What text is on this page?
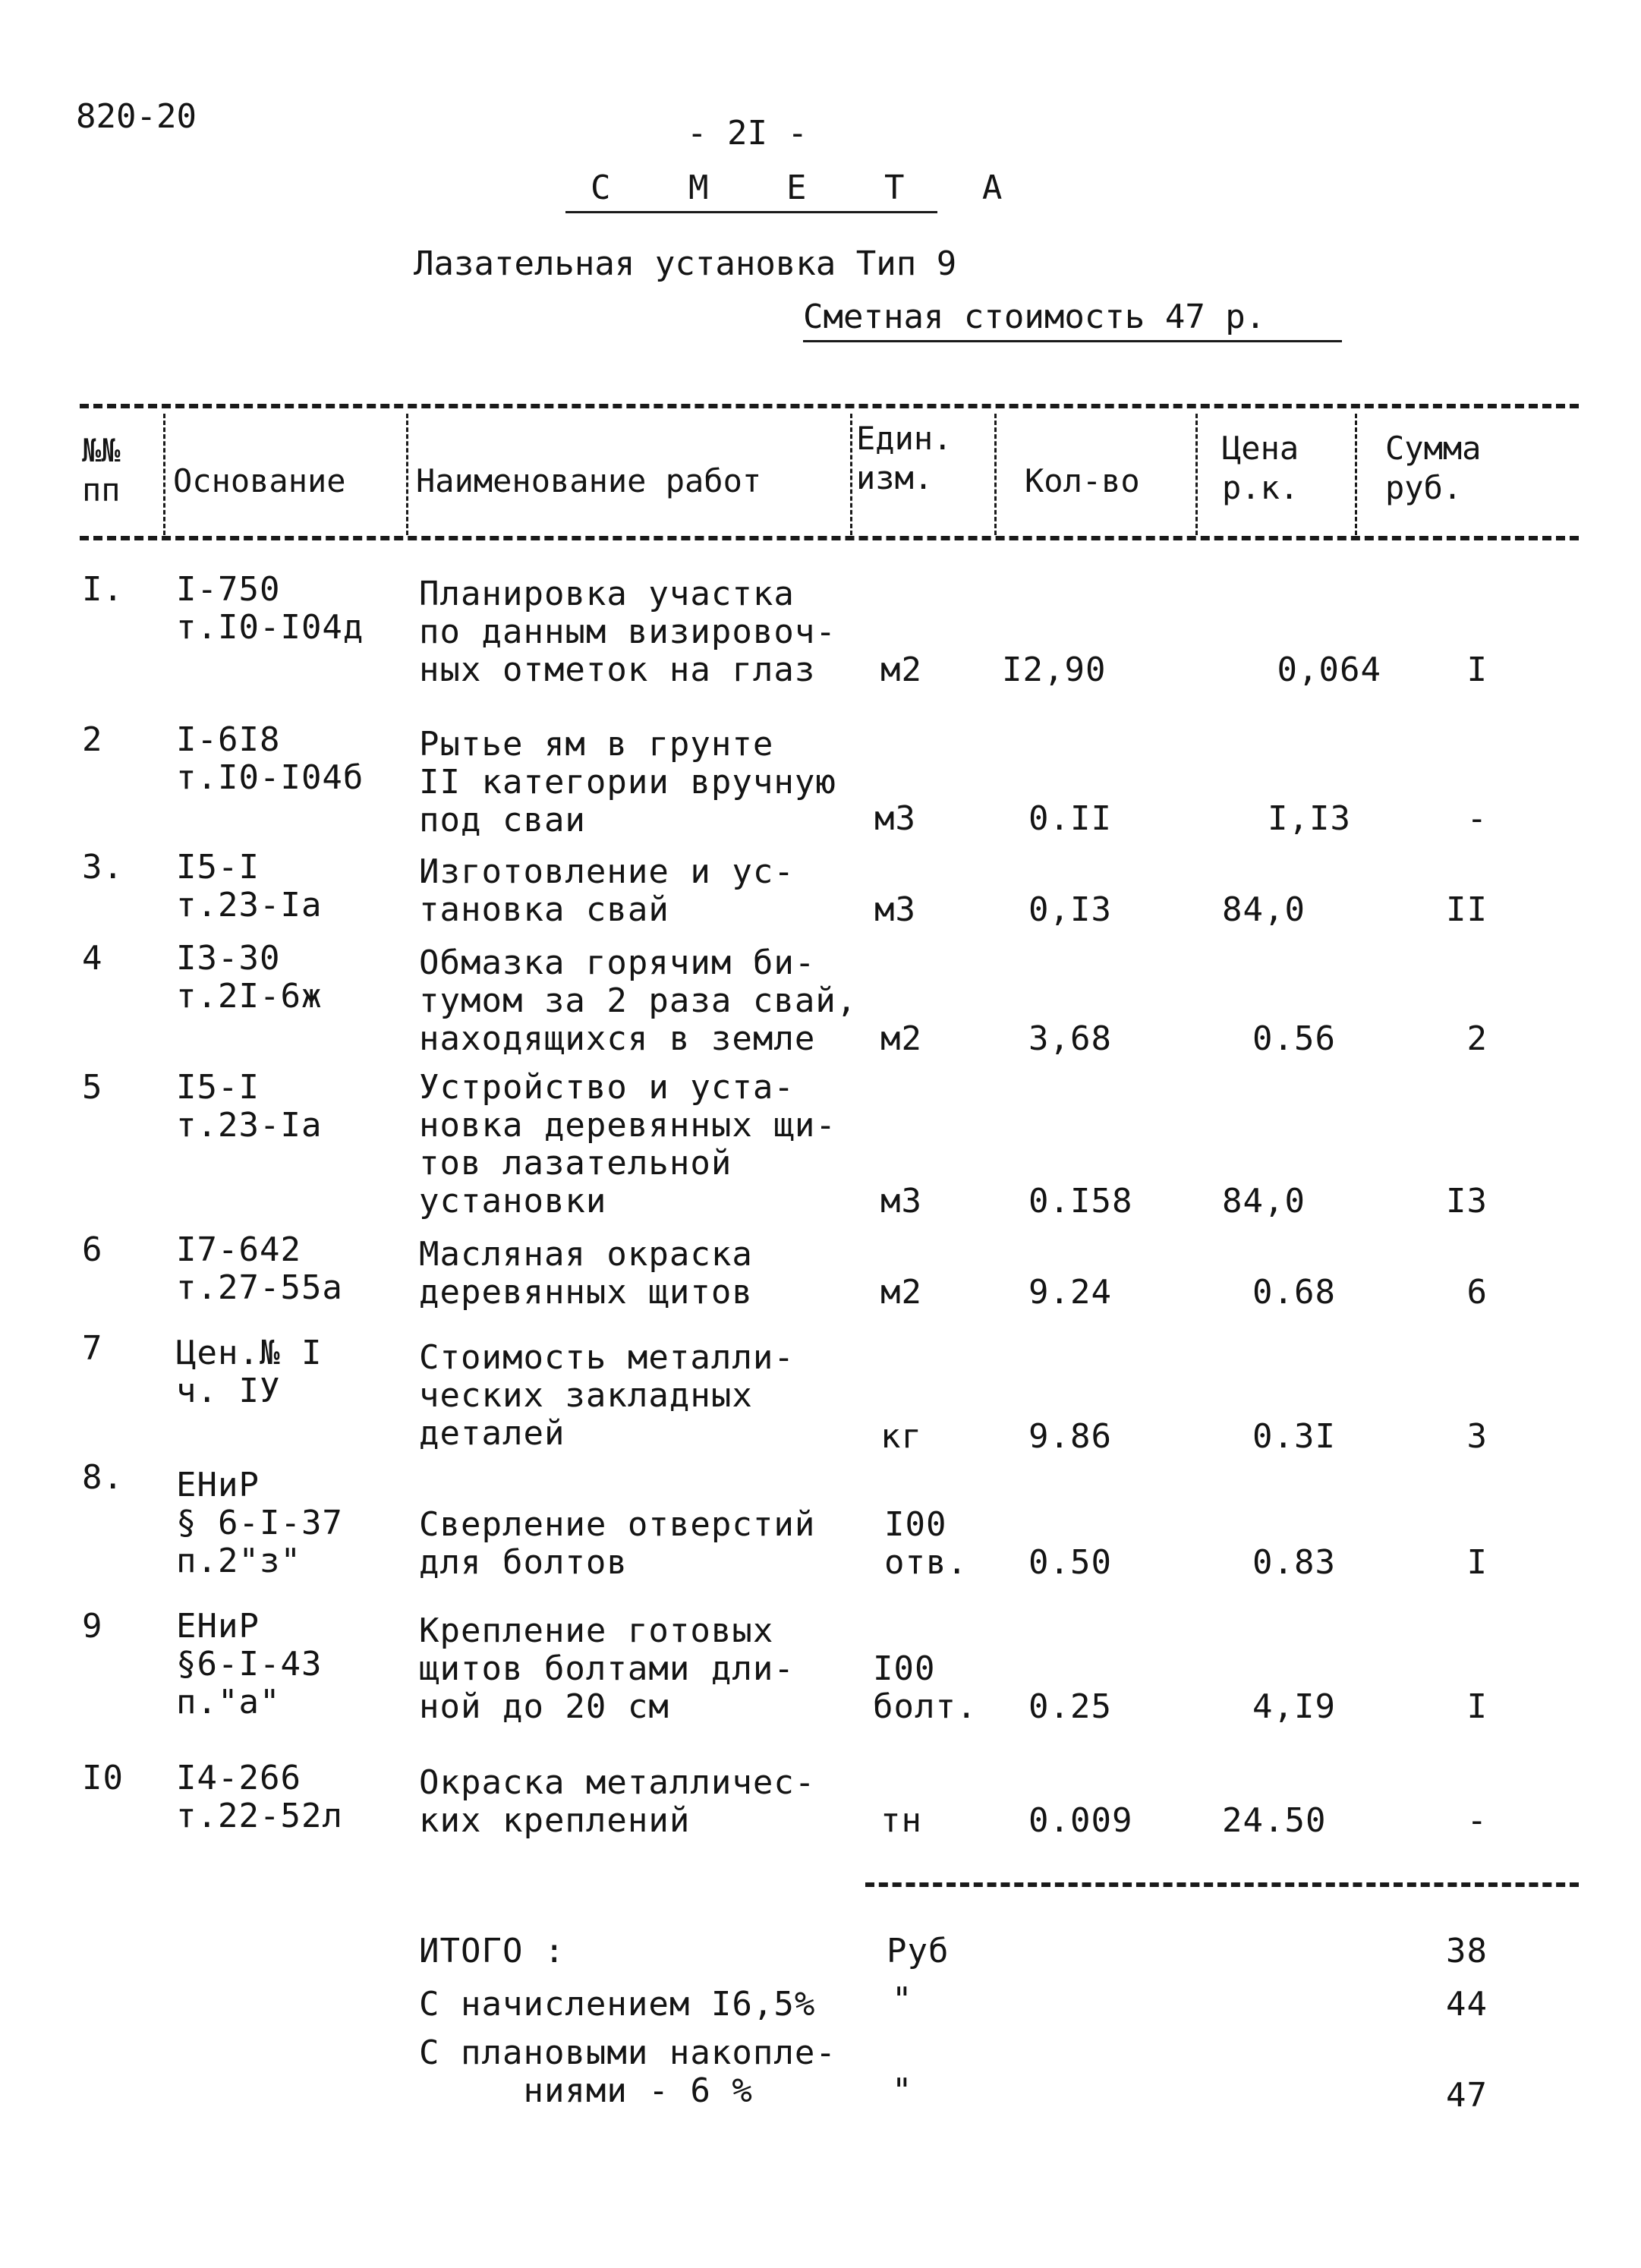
820-20	- 2I -
С М Е Т А
Лазательная установка Тип 9
Сметная стоимость 47 р.
№№
пп Основание Наименование работ
Един.
изм.	Кол-во
Цена
р.к.
Сумма
руб.
I. I-750
т.I0-I04д
Планировка участка
по данным визировоч-
ных отметок на глаз	м2 I2,90	0,064	I
2 I-6I8
т.I0-I04б
Рытье ям в грунте
II категории вручную
под сваи	м3	0.II	I,I3	-
3. I5-I
т.23-Iа
Изготовление и ус-
тановка свай	м3	0,I3	84,0	II
4 I3-30
т.2I-6ж
Обмазка горячим би-
тумом за 2 раза свай,
находящихся в земле	м2	3,68	0.56	2
5 I5-I
т.23-Iа
Устройство и уста-
новка деревянных щи-
тов лазательной
установки	м3	0.I58	84,0	I3
6 I7-642
т.27-55а
Масляная окраска
деревянных щитов	м2	9.24	0.68	6
7 Цен.№ I
ч. IУ
Стоимость металли-
ческих закладных
деталей	кг	9.86	0.3I	3
8. ЕНиР
§ 6-I-37
п.2"з"
Сверление отверстий
для болтов
I00
отв. 0.50	0.83	I
9 ЕНиР
§6-I-43
п."а"
Крепление готовых
щитов болтами дли-
ной до 20 см
I00
болт. 0.25	4,I9	I
I0 I4-266
т.22-52л
Окраска металличес-
ких креплений	тн	0.009	24.50	-
ИТОГО :	Руб	38
С начислением I6,5% "	44
С плановыми накопле-
ниями - 6 %	"	47
